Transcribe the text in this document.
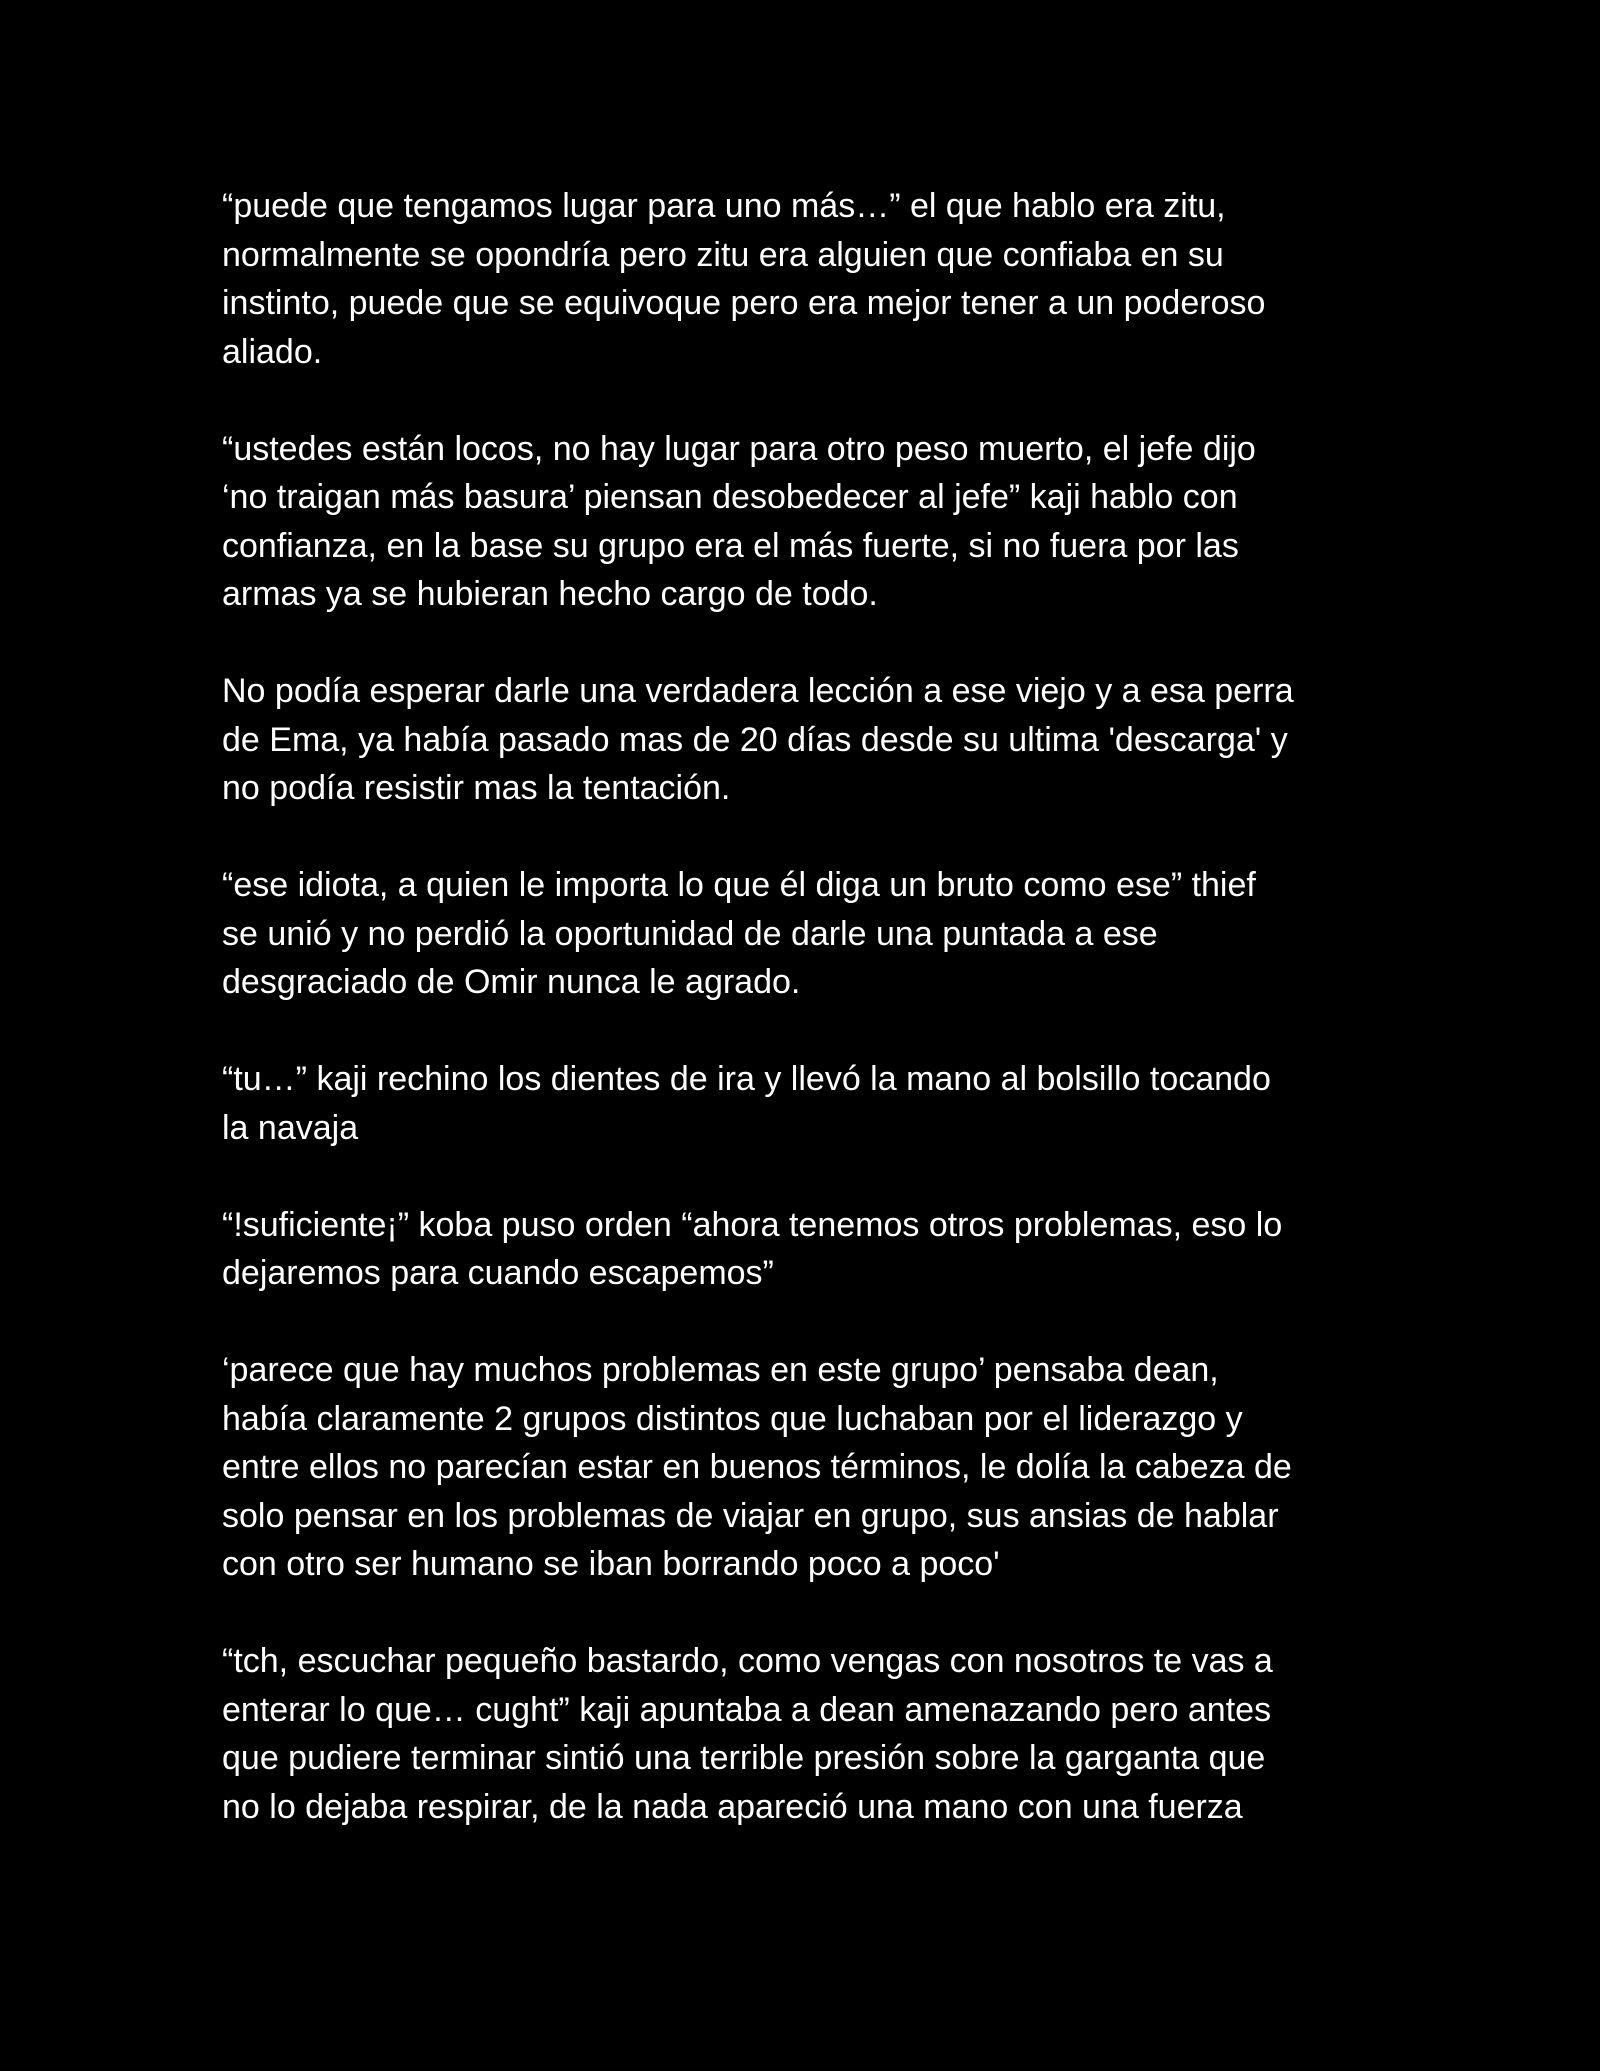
“puede que tengamos lugar para uno más…” el que hablo era zitu,
normalmente se opondría pero zitu era alguien que confiaba en su
instinto, puede que se equivoque pero era mejor tener a un poderoso
aliado.

“ustedes están locos, no hay lugar para otro peso muerto, el jefe dijo
‘no traigan más basura’ piensan desobedecer al jefe” kaji hablo con
confianza, en la base su grupo era el más fuerte, si no fuera por las
armas ya se hubieran hecho cargo de todo.

No podía esperar darle una verdadera lección a ese viejo y a esa perra
de Ema, ya había pasado mas de 20 días desde su ultima 'descarga' y
no podía resistir mas la tentación.

“ese idiota, a quien le importa lo que él diga un bruto como ese” thief
se unió y no perdió la oportunidad de darle una puntada a ese
desgraciado de Omir nunca le agrado.

“tu…” kaji rechino los dientes de ira y llevó la mano al bolsillo tocando
la navaja

“!suficiente¡” koba puso orden “ahora tenemos otros problemas, eso lo
dejaremos para cuando escapemos”

‘parece que hay muchos problemas en este grupo’ pensaba dean,
había claramente 2 grupos distintos que luchaban por el liderazgo y
entre ellos no parecían estar en buenos términos, le dolía la cabeza de
solo pensar en los problemas de viajar en grupo, sus ansias de hablar
con otro ser humano se iban borrando poco a poco'

“tch, escuchar pequeño bastardo, como vengas con nosotros te vas a
enterar lo que… cught” kaji apuntaba a dean amenazando pero antes
que pudiere terminar sintió una terrible presión sobre la garganta que
no lo dejaba respirar, de la nada apareció una mano con una fuerza
